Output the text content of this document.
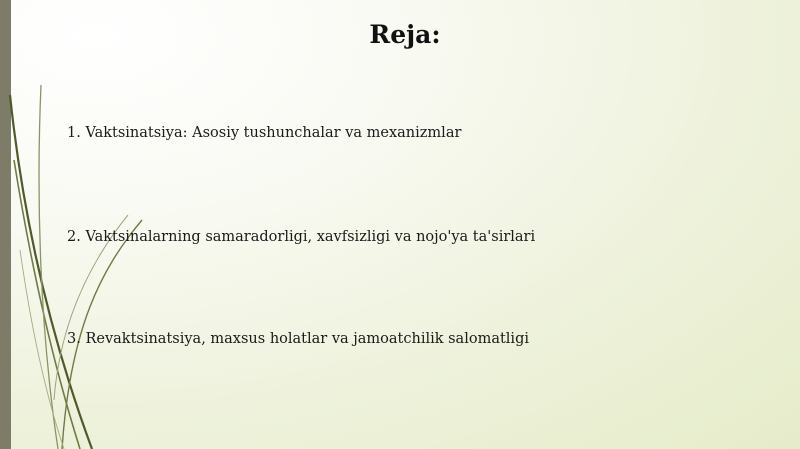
Reja:
1. Vaktsinatsiya: Asosiy tushunchalar va mexanizmlar
2. Vaktsinalarning samaradorligi, xavfsizligi va nojo'ya ta'sirlari
3. Revaktsinatsiya, maxsus holatlar va jamoatchilik salomatligi
